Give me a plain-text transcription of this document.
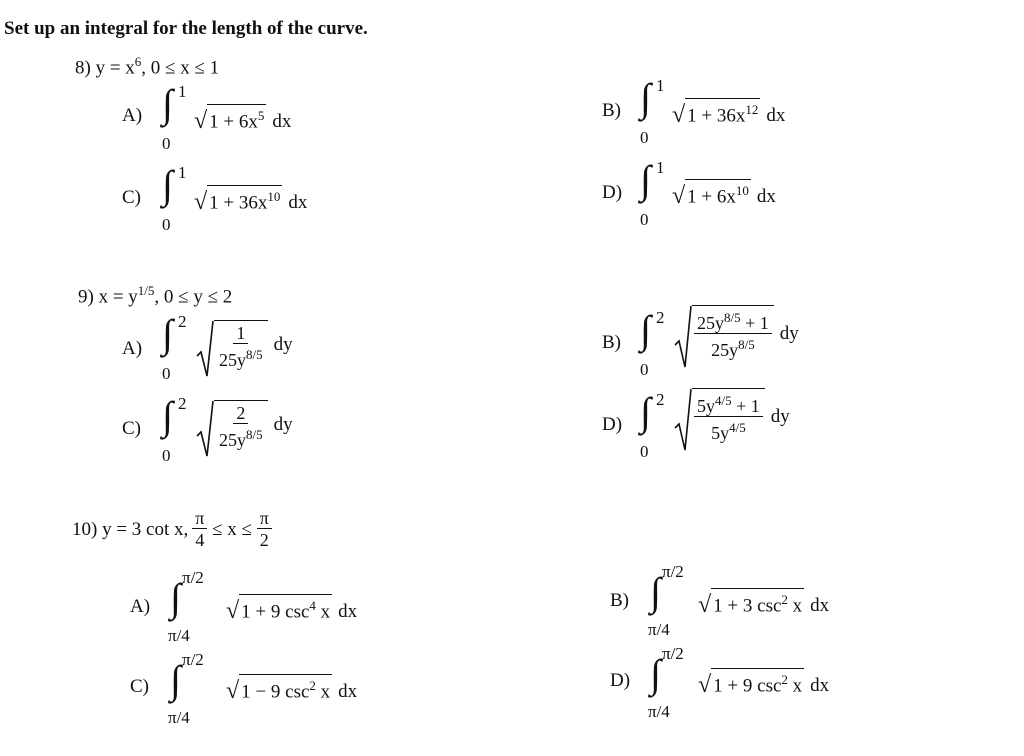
Set up an integral for the length of the curve.
8) $y = x^6$, 0 ≤ x ≤ 1
A) ∫ 1
0
√ $1 + 6x^5$ dx
B) ∫ 1
0
√ $1 + 36x^{12}$ dx
C) ∫ 1
0
√ $1 + 36x^{10}$ dx	D) ∫ 1
0
√ $1 + 6x^{10}$ dx
9) $x = y^{1/5}$, 0 ≤ y ≤ 2
A) ∫ 2
0
$\frac{1}{25y^{8/5}}$ dy	B) ∫ 2
0
$\frac{25y^{8/5} + 1}{25y^{8/5}}$ dy
C) ∫ 2
0
$\frac{2}{25y^{8/5}}$ dy	D) ∫ 2
0
$\frac{5y^{4/5} + 1}{5y^{4/5}}$ dy
10)
y = 3 cot x, $\frac{\pi}{4} \le x \le \frac{\pi}{2}$
A) ∫ π/2
π/4
√ 1 + 9 $\csc^4 x$ dx
B) ∫ π/2
π/4
√ 1 + 3 $\csc^2 x$ dx
C) ∫ π/2
π/4
√ 1 − 9 $\csc^2 x$ dx
D) ∫ π/2
π/4
√ 1 + 9 $\csc^2 x$ dx
